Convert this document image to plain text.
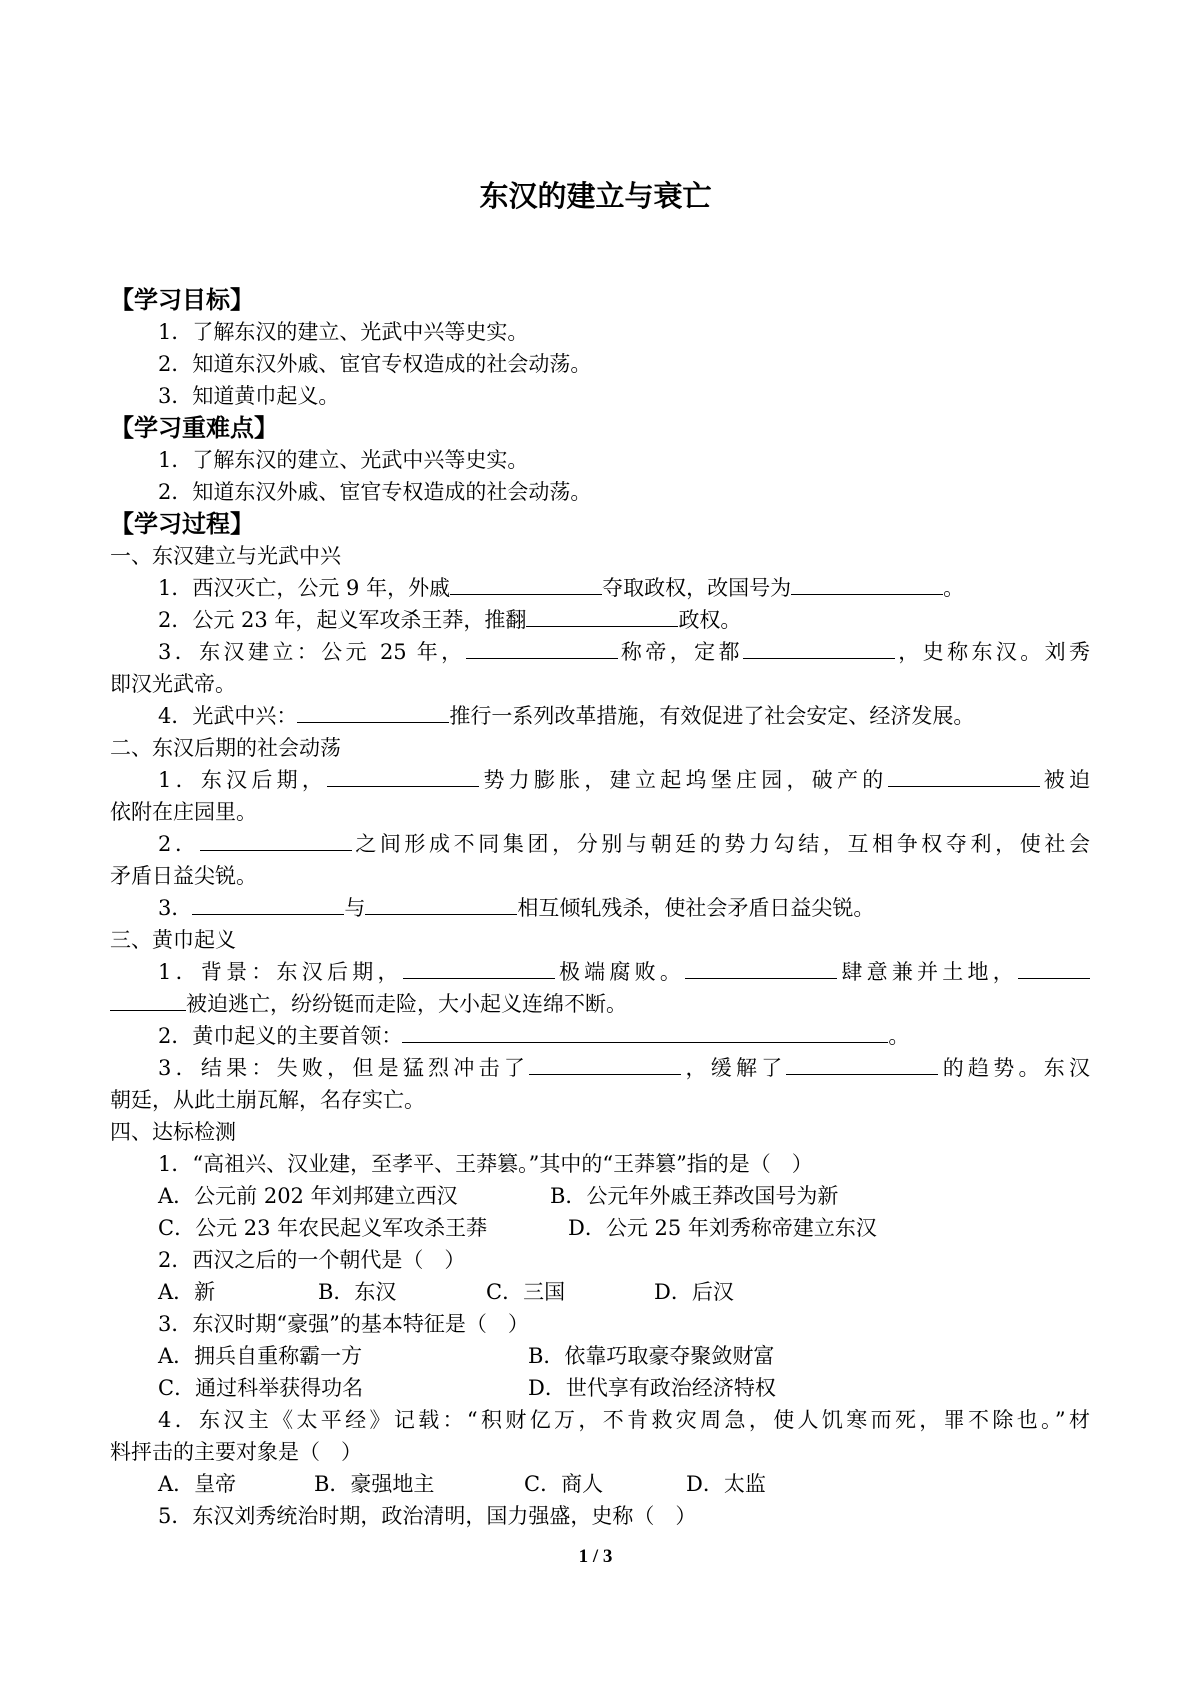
东汉的建立与衰亡
【学习目标】
1．了解东汉的建立、光武中兴等史实。
2．知道东汉外戚、宦官专权造成的社会动荡。
3．知道黄巾起义。
【学习重难点】
1．了解东汉的建立、光武中兴等史实。
2．知道东汉外戚、宦官专权造成的社会动荡。
【学习过程】
一、东汉建立与光武中兴
1．西汉灭亡，公元 9 年，外戚	夺取政权，改国号为	。
2．公元 23 年，起义军攻杀王莽，推翻	政权。
3．东汉建立：公元 25 年，	称帝，定都	，史称东汉。刘秀
即汉光武帝。
4．光武中兴：	推行一系列改革措施，有效促进了社会安定、经济发展。
二、东汉后期的社会动荡
1．东汉后期，	势力膨胀，建立起坞堡庄园，破产的	被迫
依附在庄园里。
2．	之间形成不同集团，分别与朝廷的势力勾结，互相争权夺利，使社会
矛盾日益尖锐。
3．	与	相互倾轧残杀，使社会矛盾日益尖锐。
三、黄巾起义
1．背景：东汉后期，	极端腐败。	肆意兼并土地，
被迫逃亡，纷纷铤而走险，大小起义连绵不断。
2．黄巾起义的主要首领：	。
3．结果：失败，但是猛烈冲击了	，缓解了	的趋势。东汉
朝廷，从此土崩瓦解，名存实亡。
四、达标检测
1．“高祖兴、汉业建，至孝平、王莽篡。”其中的“王莽篡”指的是（　）
A．公元前 202 年刘邦建立西汉	B．公元年外戚王莽改国号为新
C．公元 23 年农民起义军攻杀王莽	D．公元 25 年刘秀称帝建立东汉
2．西汉之后的一个朝代是（　）
A．新	B．东汉	C．三国	D．后汉
3．东汉时期“豪强”的基本特征是（　）
A．拥兵自重称霸一方	B．依靠巧取豪夺聚敛财富
C．通过科举获得功名	D．世代享有政治经济特权
4．东汉主《太平经》记载：“积财亿万，不肯救灾周急，使人饥寒而死，罪不除也。”材
料抨击的主要对象是（　）
A．皇帝	B．豪强地主	C．商人	D．太监
5．东汉刘秀统治时期，政治清明，国力强盛，史称（　）
1 / 3
